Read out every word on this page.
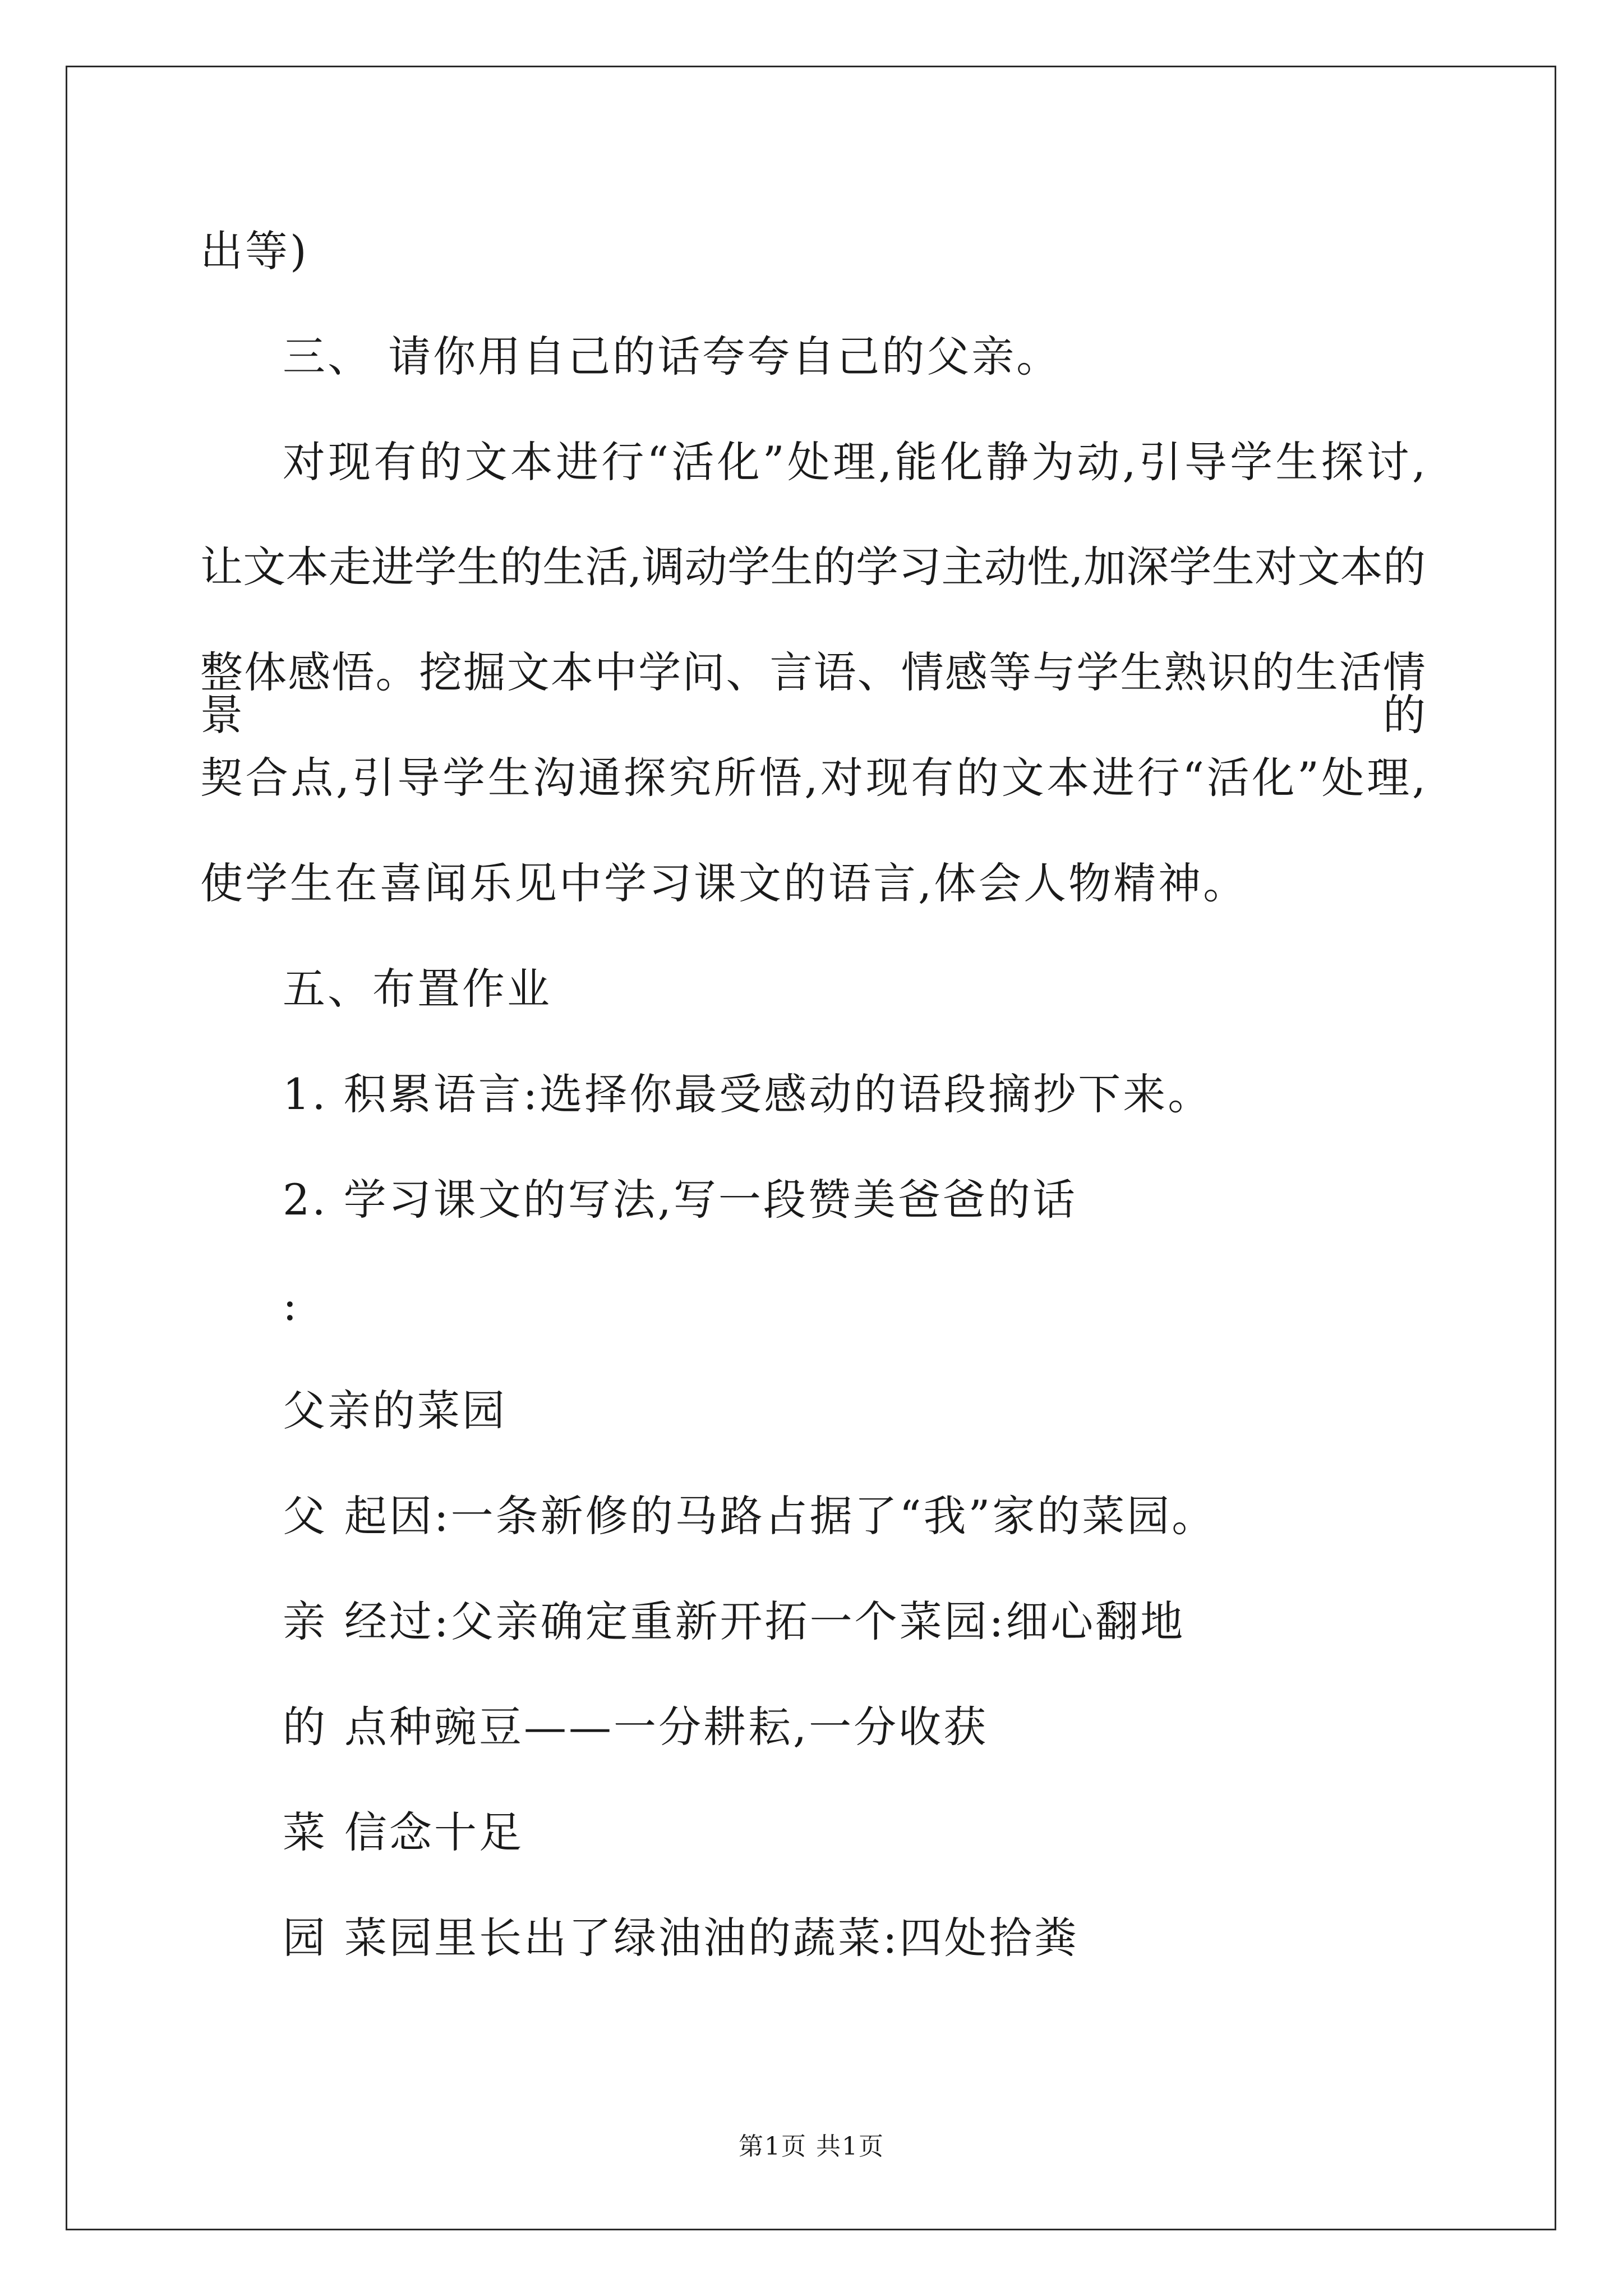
出等)
三、 请你用自己的话夸夸自己的父亲。
对现有的文本进行“活化”处理,能化静为动,引导学生探讨,
让文本走进学生的生活,调动学生的学习主动性,加深学生对文本的
整体感悟。挖掘文本中学问、言语、情感等与学生熟识的生活情景的
契合点,引导学生沟通探究所悟,对现有的文本进行“活化”处理,
使学生在喜闻乐见中学习课文的语言,体会人物精神。
五、布置作业
1. 积累语言:选择你最受感动的语段摘抄下来。
2. 学习课文的写法,写一段赞美爸爸的话
:
父亲的菜园
父 起因:一条新修的马路占据了“我”家的菜园。
亲 经过:父亲确定重新开拓一个菜园:细心翻地
的 点种豌豆——一分耕耘,一分收获
菜 信念十足
园 菜园里长出了绿油油的蔬菜:四处拾粪
第1页 共1页
